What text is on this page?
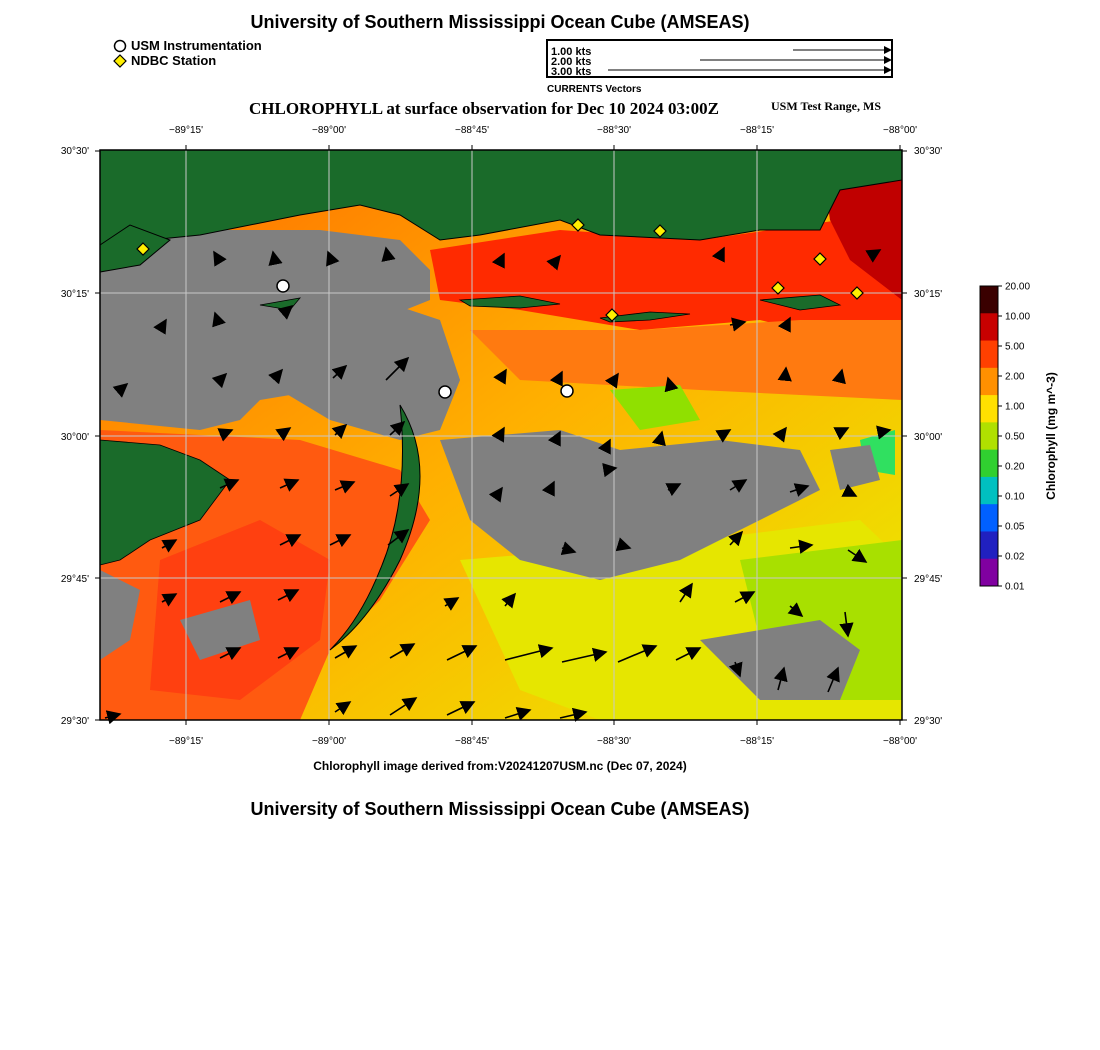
University of Southern Mississippi Ocean Cube (AMSEAS)
USM Instrumentation
NDBC Station
1.00 kts
2.00 kts
3.00 kts
CURRENTS Vectors
CHLOROPHYLL at surface observation for Dec 10 2024 03:00Z	USM Test Range, MS
−89°15'	−89°00'	−88°45'	−88°30'	−88°15'	−88°00'
−89°15'	−89°00'	−88°45'	−88°30'	−88°15'	−88°00'
30°30'
30°15'
30°00'
29°45'
29°30'
30°30'
30°15'
30°00'
29°45'
29°30'
20.00
10.00
5.00
2.00
1.00
0.50
0.20
0.10
0.05
0.02
0.01
Chlorophyll (mg m^-3)
Chlorophyll image derived from:V20241207USM.nc (Dec 07, 2024)
University of Southern Mississippi Ocean Cube (AMSEAS)
